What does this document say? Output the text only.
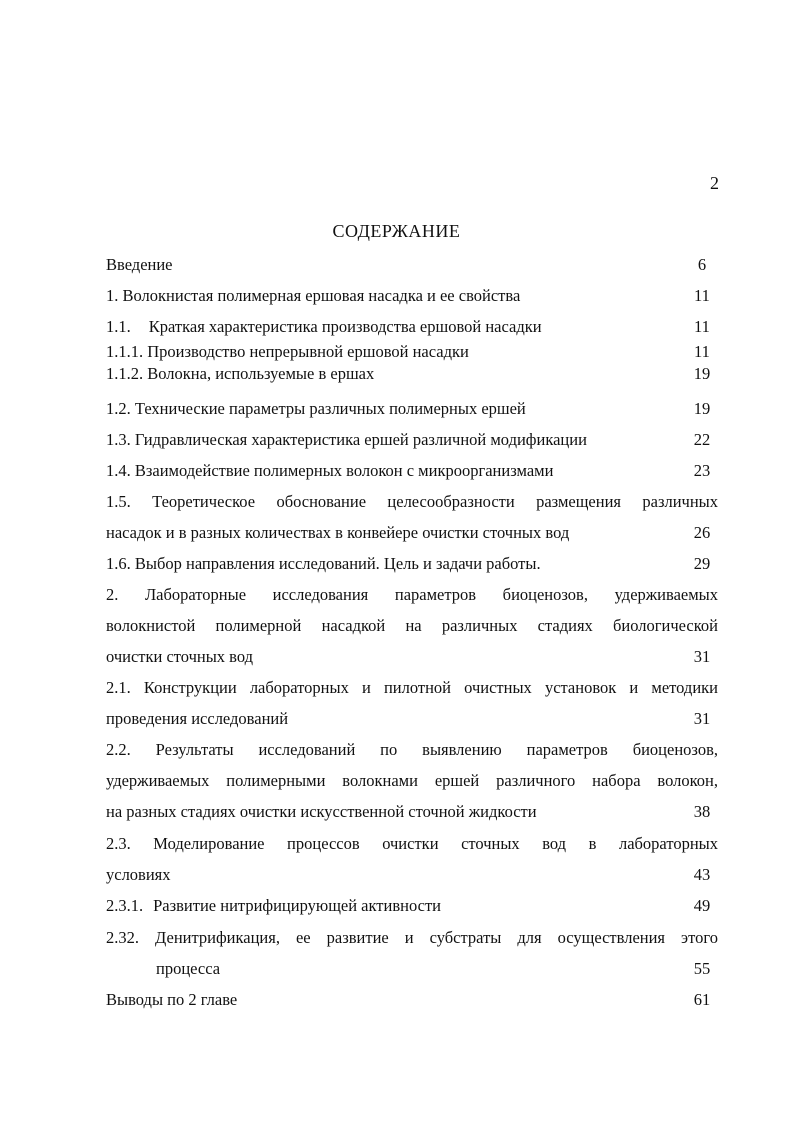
2
СОДЕРЖАНИЕ
Введение	6
1. Волокнистая полимерная ершовая насадка и ее свойства	11
1.1. Краткая характеристика производства ершовой насадки	11
1.1.1. Производство непрерывной ершовой насадки	11
1.1.2. Волокна, используемые в ершах	19
1.2. Технические параметры различных полимерных ершей	19
1.3. Гидравлическая характеристика ершей различной модификации	22
1.4. Взаимодействие полимерных волокон с микроорганизмами	23
1.5. Теоретическое обоснование целесообразности размещения различных
насадок и в разных количествах в конвейере очистки сточных вод	26
1.6. Выбор направления исследований. Цель и задачи работы.	29
2. Лабораторные исследования параметров биоценозов, удерживаемых
волокнистой полимерной насадкой на различных стадиях биологической
очистки сточных вод	31
2.1. Конструкции лабораторных и пилотной очистных установок и методики
проведения исследований	31
2.2. Результаты исследований по выявлению параметров биоценозов,
удерживаемых полимерными волокнами ершей различного набора волокон,
на разных стадиях очистки искусственной сточной жидкости	38
2.3. Моделирование процессов очистки сточных вод в лабораторных
условиях	43
2.3.1. Развитие нитрифицирующей активности	49
2.32. Денитрификация, ее развитие и субстраты для осуществления этого
процесса	55
Выводы по 2 главе	61
